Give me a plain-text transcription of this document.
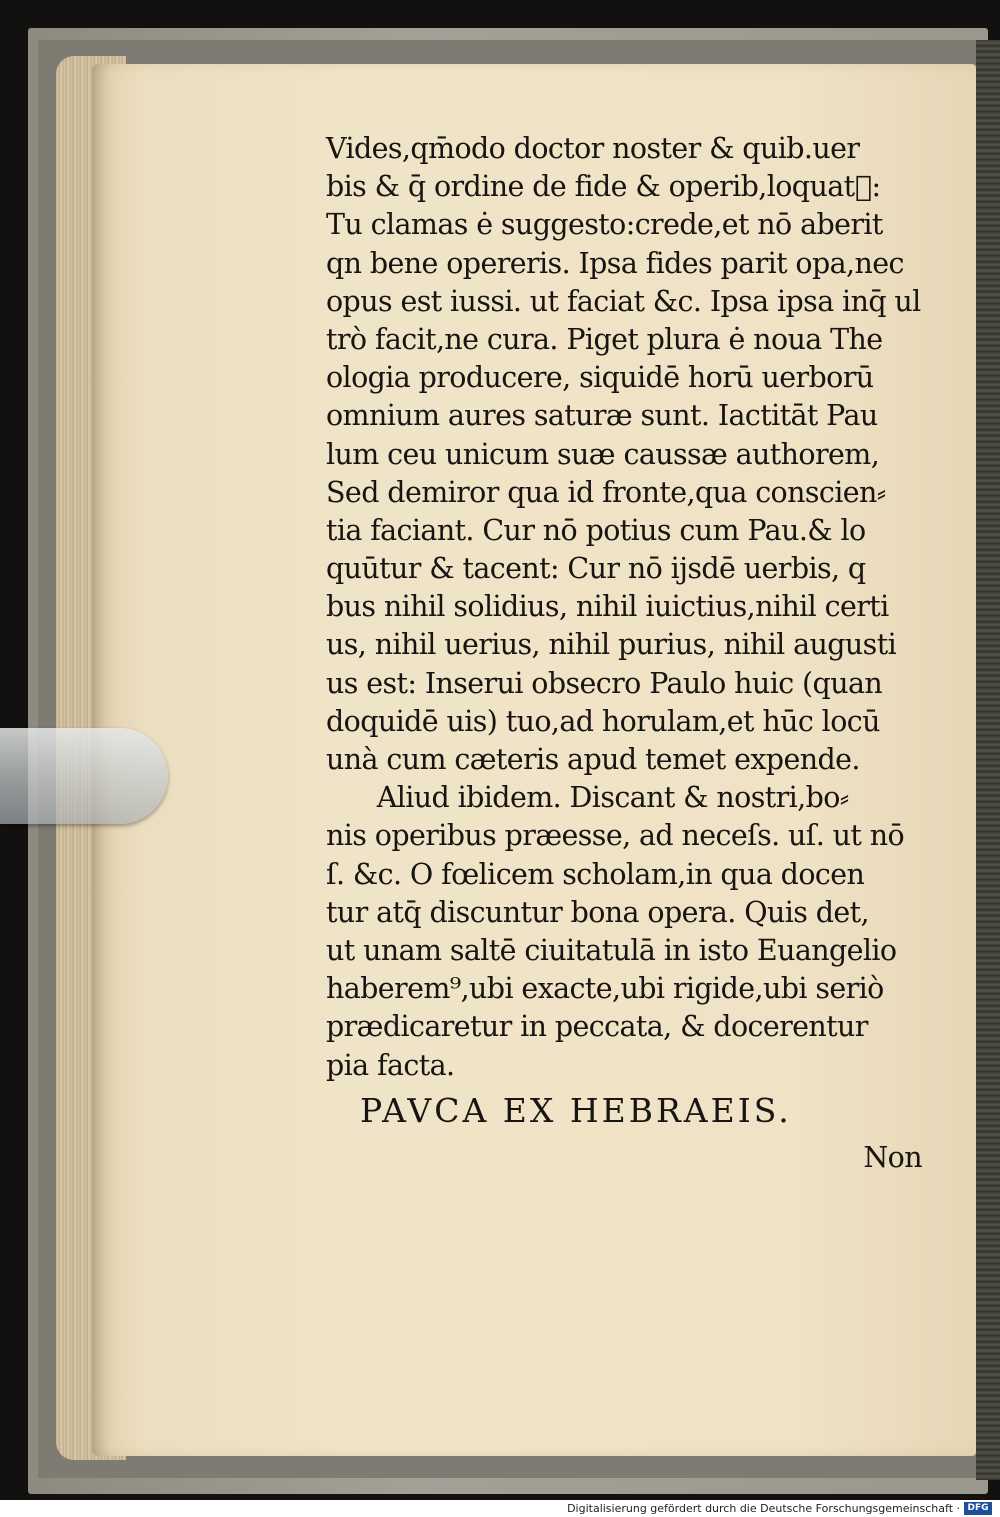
Vides,qm̄odo doctor noster & quib.uer
bis & q̄ ordine de fide & operib,loquat᷑:
Tu clamas ė suggesto:crede,et nō aberit
qn bene opereris. Ipsa fides parit opa,nec
opus est iussi. ut faciat &c. Ipsa ipsa inq̄ ul
trò facit,ne cura. Piget plura ė noua The
ologia producere, siquidē horū uerborū
omnium aures saturæ sunt. Iactitāt Pau
lum ceu unicum suæ caussæ authorem,
Sed demiror qua id fronte,qua conscien⸗
tia faciant. Cur nō potius cum Pau.& lo
quūtur & tacent: Cur nō ijsdē uerbis, q
bus nihil solidius, nihil iuictius,nihil certi
us, nihil uerius, nihil purius, nihil augusti
us est: Inserui obsecro Paulo huic (quan
doquidē uis) tuo,ad horulam,et hūc locū
unà cum cæteris apud temet expende.
Aliud ibidem. Discant & nostri,bo⸗
nis operibus præesse, ad neceſs. uſ. ut nō
ſ. &c. O fœlicem scholam,in qua docen
tur atq̄ discuntur bona opera. Quis det,
ut unam saltē ciuitatulā in isto Euangelio
haberem⁹,ubi exacte,ubi rigide,ubi seriò
prædicaretur in peccata, & docerentur
pia facta.
PAVCA EX HEBRAEIS.
Non
Digitalisierung gefördert durch die Deutsche Forschungsgemeinschaft · DFG
